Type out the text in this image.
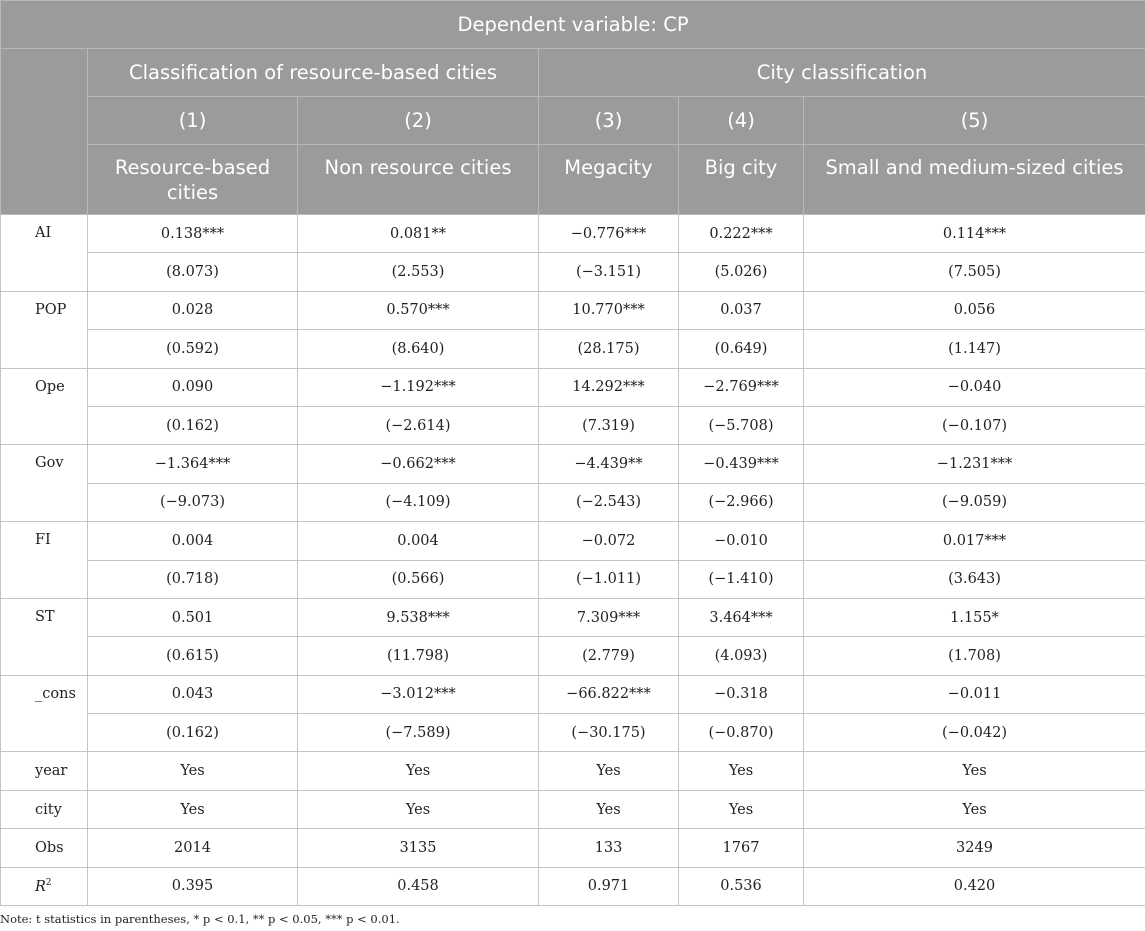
Dependent variable: CP					
	Classification of resource-based cities		City classification		
	(1)	(2)	(3)	(4)	(5)
	Resource-based cities	Non resource cities	Megacity	Big city	Small and medium-sized cities
AI	0.138***	0.081**	−0.776***	0.222***	0.114***
	(8.073)	(2.553)	(−3.151)	(5.026)	(7.505)
POP	0.028	0.570***	10.770***	0.037	0.056
	(0.592)	(8.640)	(28.175)	(0.649)	(1.147)
Ope	0.090	−1.192***	14.292***	−2.769***	−0.040
	(0.162)	(−2.614)	(7.319)	(−5.708)	(−0.107)
Gov	−1.364***	−0.662***	−4.439**	−0.439***	−1.231***
	(−9.073)	(−4.109)	(−2.543)	(−2.966)	(−9.059)
FI	0.004	0.004	−0.072	−0.010	0.017***
	(0.718)	(0.566)	(−1.011)	(−1.410)	(3.643)
ST	0.501	9.538***	7.309***	3.464***	1.155*
	(0.615)	(11.798)	(2.779)	(4.093)	(1.708)
_cons	0.043	−3.012***	−66.822***	−0.318	−0.011
	(0.162)	(−7.589)	(−30.175)	(−0.870)	(−0.042)
year	Yes	Yes	Yes	Yes	Yes
city	Yes	Yes	Yes	Yes	Yes
Obs	2014	3135	133	1767	3249
$R^2$	0.395	0.458	0.971	0.536	0.420
Note: t statistics in parentheses, * p < 0.1, ** p < 0.05, *** p < 0.01.
